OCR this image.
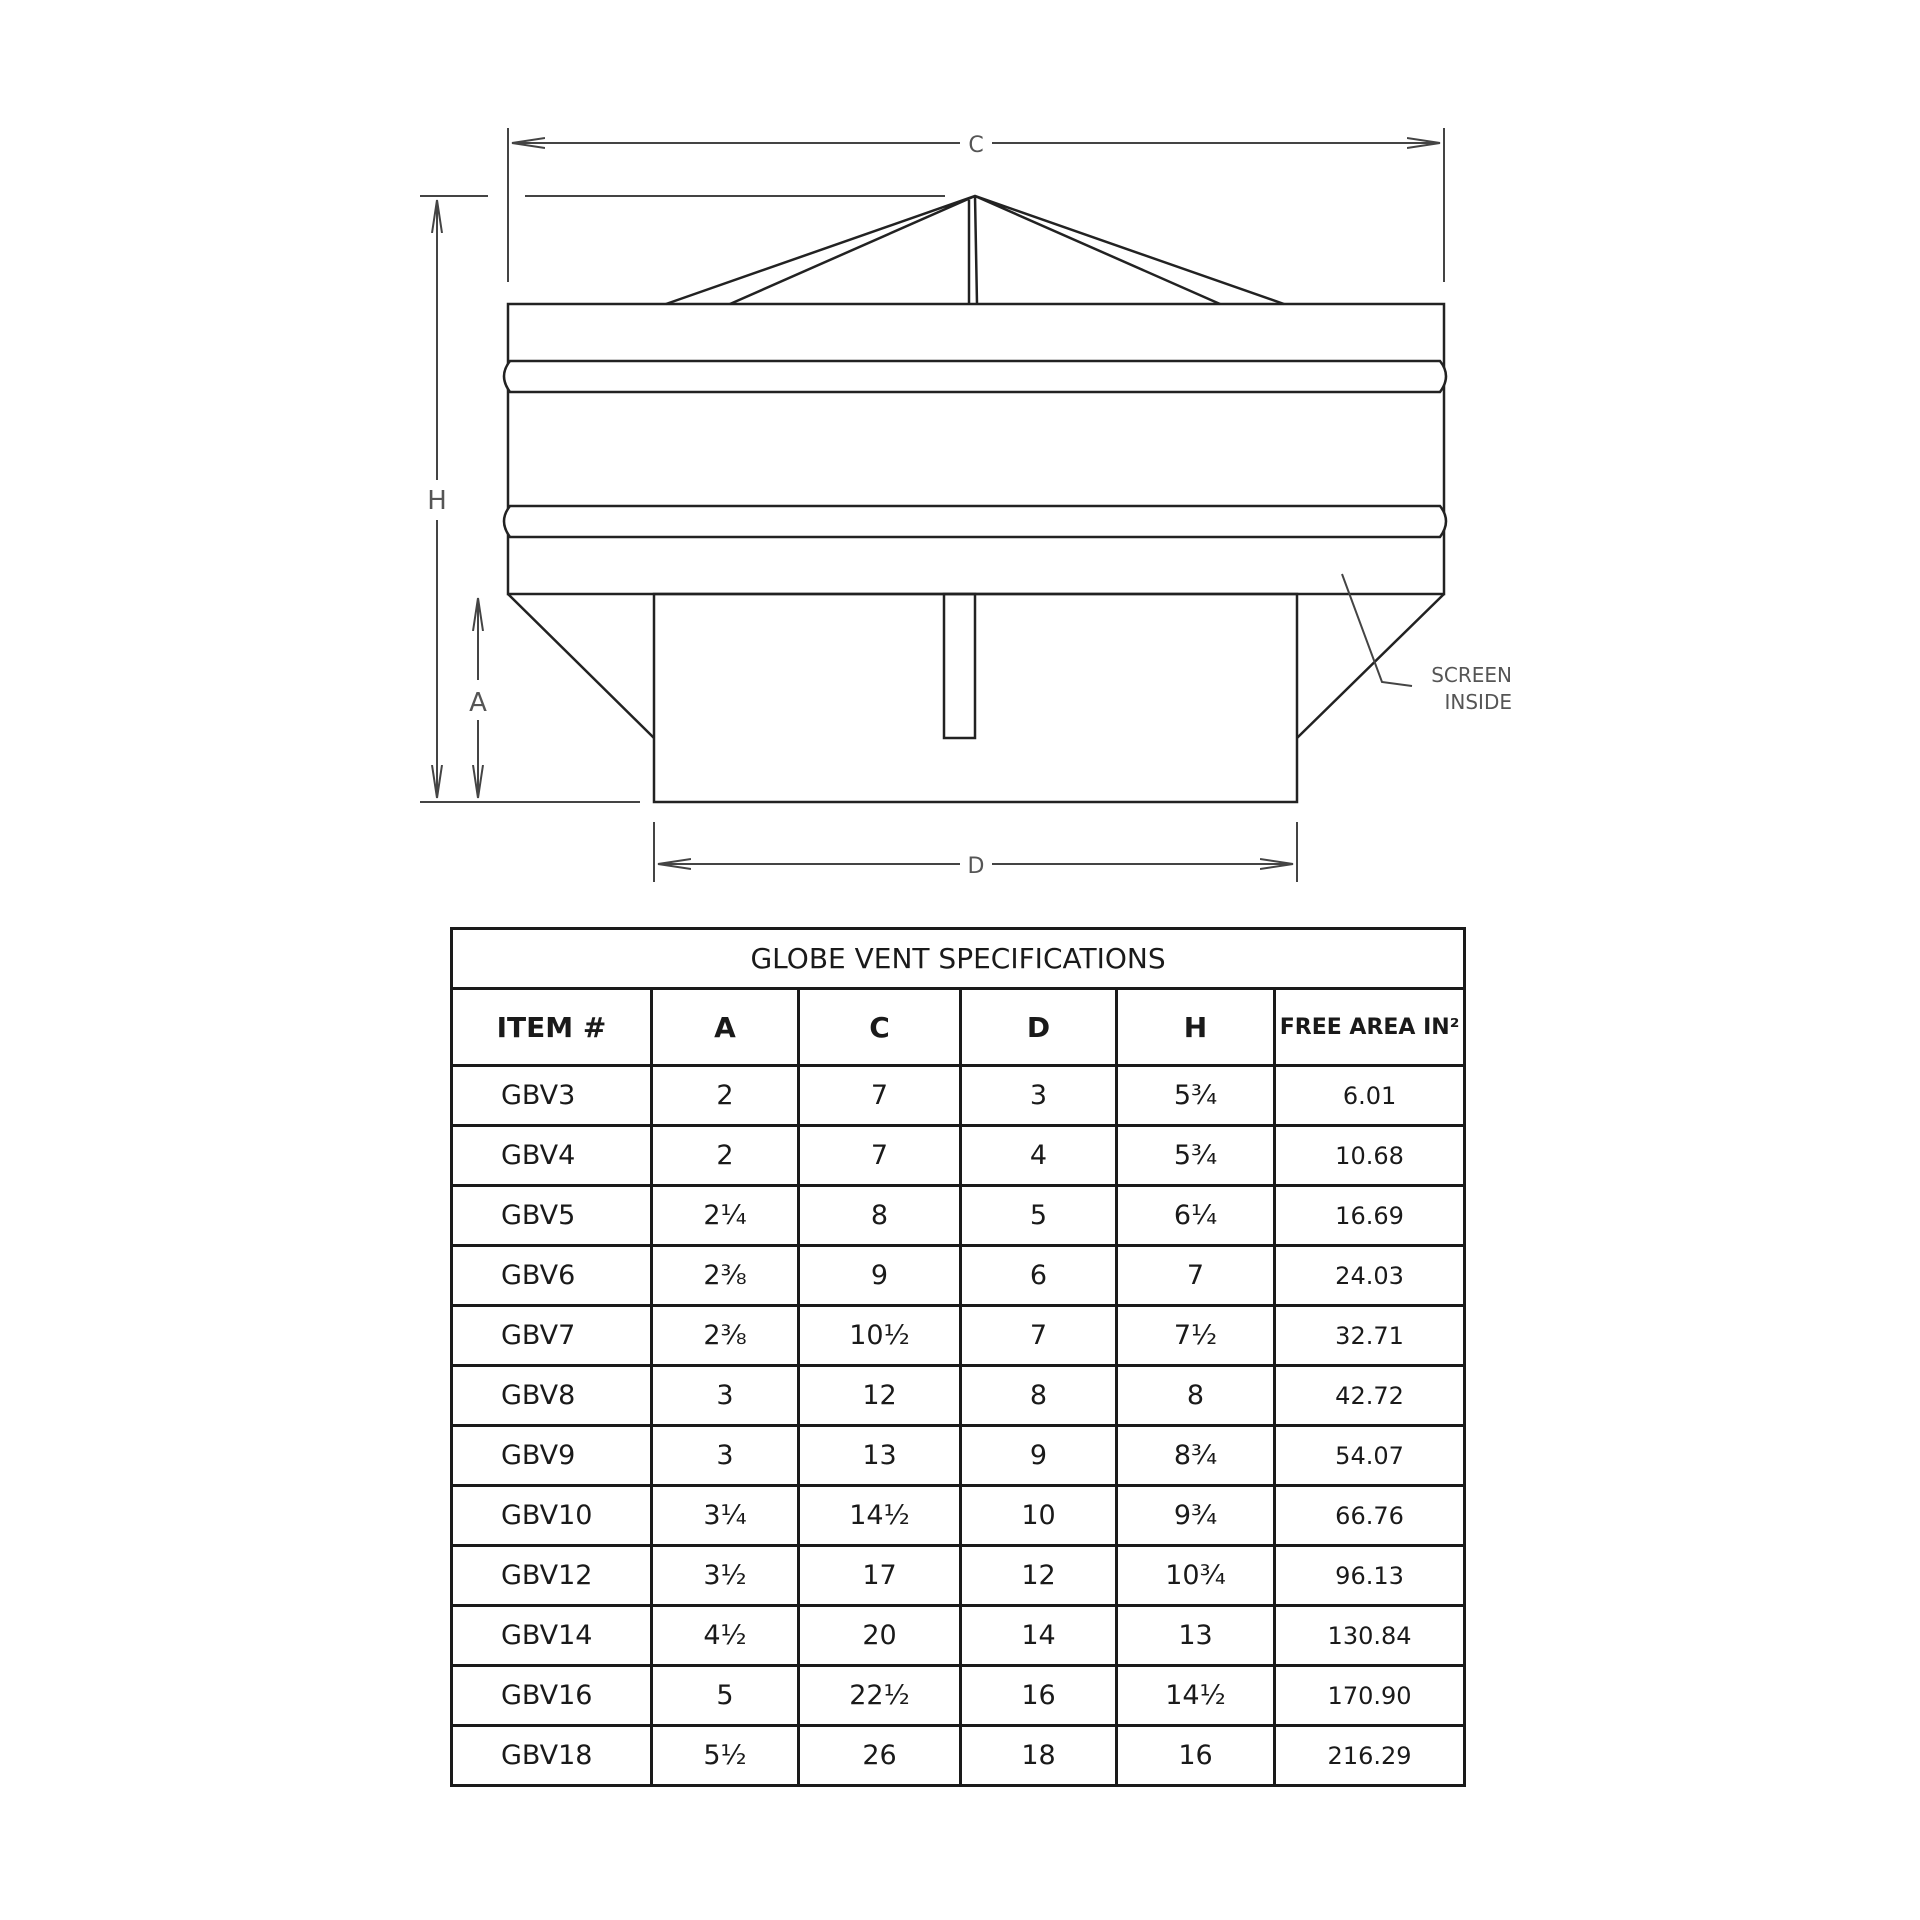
C
H
A
D
SCREEN
INSIDE
GLOBE VENT SPECIFICATIONS					
ITEM #	A	C	D	H	FREE AREA IN²
GBV3	2	7	3	5¾	6.01
GBV4	2	7	4	5¾	10.68
GBV5	2¼	8	5	6¼	16.69
GBV6	2⅜	9	6	7	24.03
GBV7	2⅜	10½	7	7½	32.71
GBV8	3	12	8	8	42.72
GBV9	3	13	9	8¾	54.07
GBV10	3¼	14½	10	9¾	66.76
GBV12	3½	17	12	10¾	96.13
GBV14	4½	20	14	13	130.84
GBV16	5	22½	16	14½	170.90
GBV18	5½	26	18	16	216.29
